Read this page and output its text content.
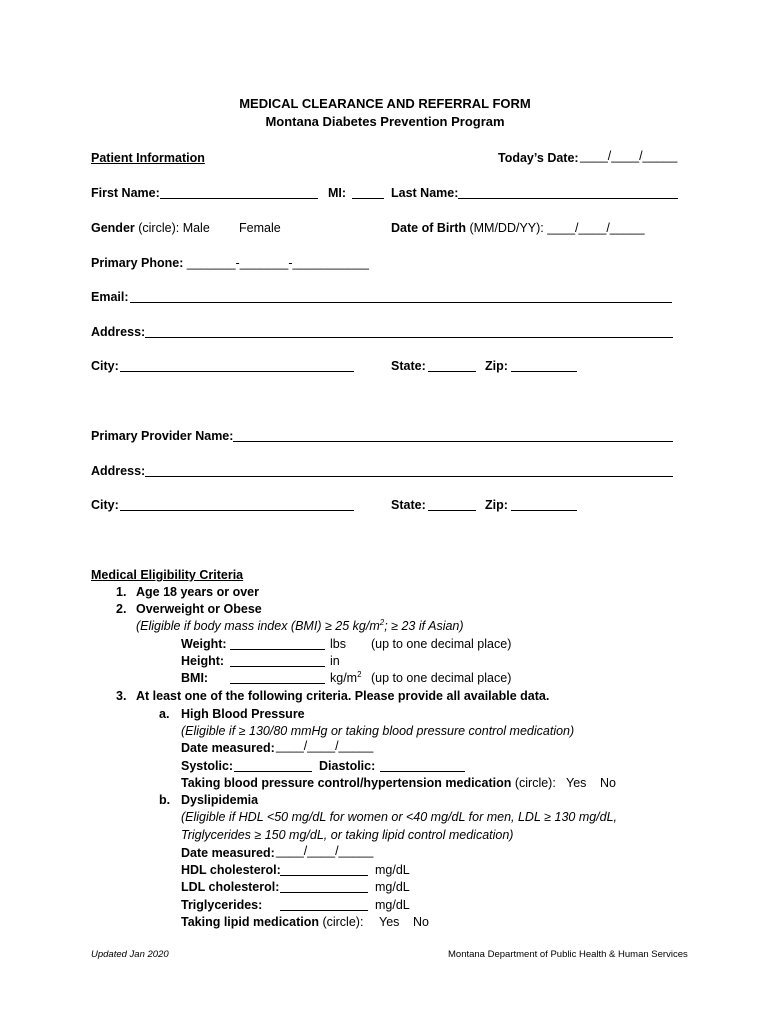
MEDICAL CLEARANCE AND REFERRAL FORM
Montana Diabetes Prevention Program
Patient Information	Today’s Date: ____/____/_____
First Name:	MI:	Last Name:
Gender (circle): Male Female	Date of Birth (MM/DD/YY): ____/____/_____
Primary Phone: _______-_______-___________
Email:
Address:
City:	State:	Zip:
Primary Provider Name:
Address:
City:	State:	Zip:
Medical Eligibility Criteria
1. Age 18 years or over
2. Overweight or Obese
(Eligible if body mass index (BMI) ≥ 25 $kg/m^2$; ≥ 23 if Asian)
Weight:	lbs (up to one decimal place)
Height:	in
BMI:	$kg/m^2$ (up to one decimal place)
3. At least one of the following criteria. Please provide all available data.
a. High Blood Pressure
(Eligible if ≥ 130/80 mmHg or taking blood pressure control medication)
Date measured: ____/____/_____
Systolic:	Diastolic:
Taking blood pressure control/hypertension medication (circle): Yes No
b. Dyslipidemia
(Eligible if HDL <50 mg/dL for women or <40 mg/dL for men, LDL ≥ 130 mg/dL,
Triglycerides ≥ 150 mg/dL, or taking lipid control medication)
Date measured: ____/____/_____
HDL cholesterol:	mg/dL
LDL cholesterol:	mg/dL
Triglycerides:	mg/dL
Taking lipid medication (circle): Yes No
Updated Jan 2020	Montana Department of Public Health & Human Services
